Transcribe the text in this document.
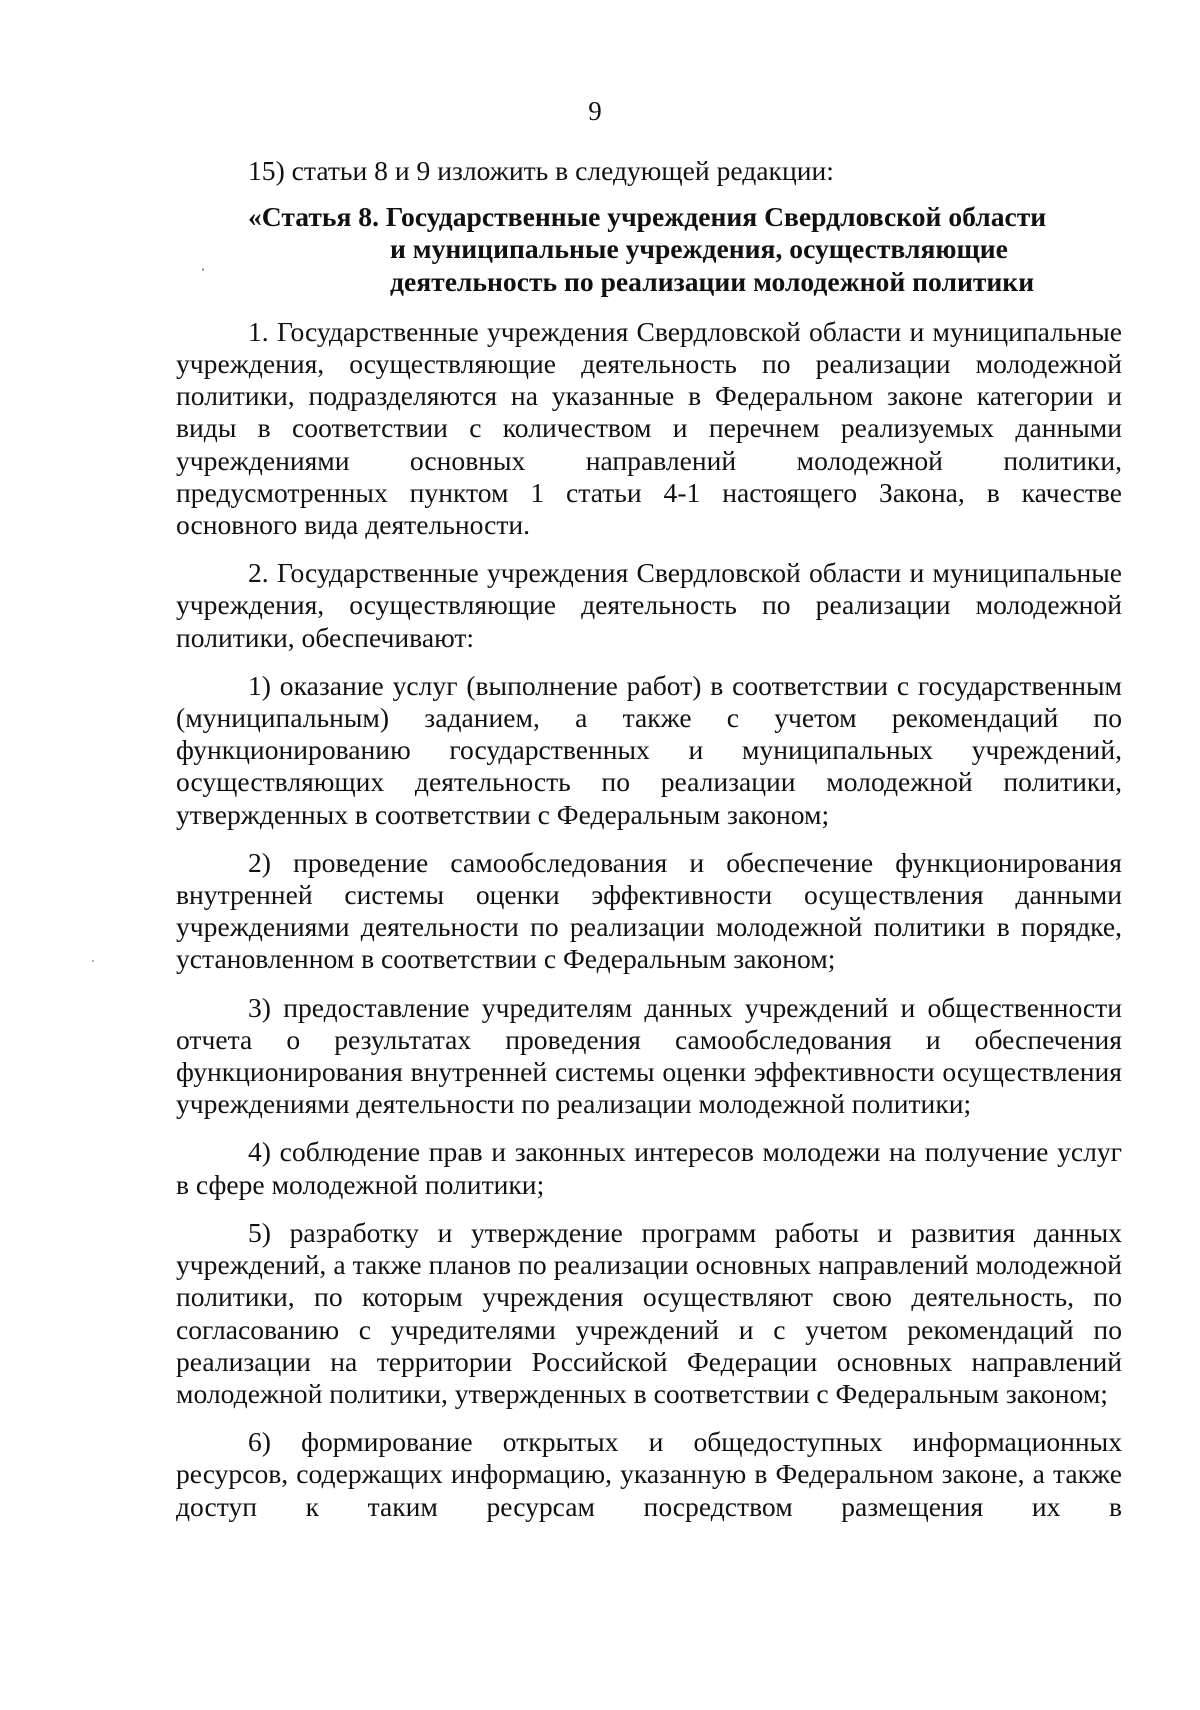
9

15) статьи 8 и 9 изложить в следующей редакции:

«Статья 8. Государственные учреждения Свердловской области
и муниципальные учреждения, осуществляющие
деятельность по реализации молодежной политики

1. Государственные учреждения Свердловской области и муниципальные учреждения, осуществляющие деятельность по реализации молодежной политики, подразделяются на указанные в Федеральном законе категории и виды в соответствии с количеством и перечнем реализуемых данными учреждениями основных направлений молодежной политики, предусмотренных пунктом 1 статьи 4-1 настоящего Закона, в качестве основного вида деятельности.

2. Государственные учреждения Свердловской области и муниципальные учреждения, осуществляющие деятельность по реализации молодежной политики, обеспечивают:

1) оказание услуг (выполнение работ) в соответствии с государственным (муниципальным) заданием, а также с учетом рекомендаций по функционированию государственных и муниципальных учреждений, осуществляющих деятельность по реализации молодежной политики, утвержденных в соответствии с Федеральным законом;

2) проведение самообследования и обеспечение функционирования внутренней системы оценки эффективности осуществления данными учреждениями деятельности по реализации молодежной политики в порядке, установленном в соответствии с Федеральным законом;

3) предоставление учредителям данных учреждений и общественности отчета о результатах проведения самообследования и обеспечения функционирования внутренней системы оценки эффективности осуществления учреждениями деятельности по реализации молодежной политики;

4) соблюдение прав и законных интересов молодежи на получение услуг в сфере молодежной политики;

5) разработку и утверждение программ работы и развития данных учреждений, а также планов по реализации основных направлений молодежной политики, по которым учреждения осуществляют свою деятельность, по согласованию с учредителями учреждений и с учетом рекомендаций по реализации на территории Российской Федерации основных направлений молодежной политики, утвержденных в соответствии с Федеральным законом;

6) формирование открытых и общедоступных информационных ресурсов, содержащих информацию, указанную в Федеральном законе, а также доступ к таким ресурсам посредством размещения их в
